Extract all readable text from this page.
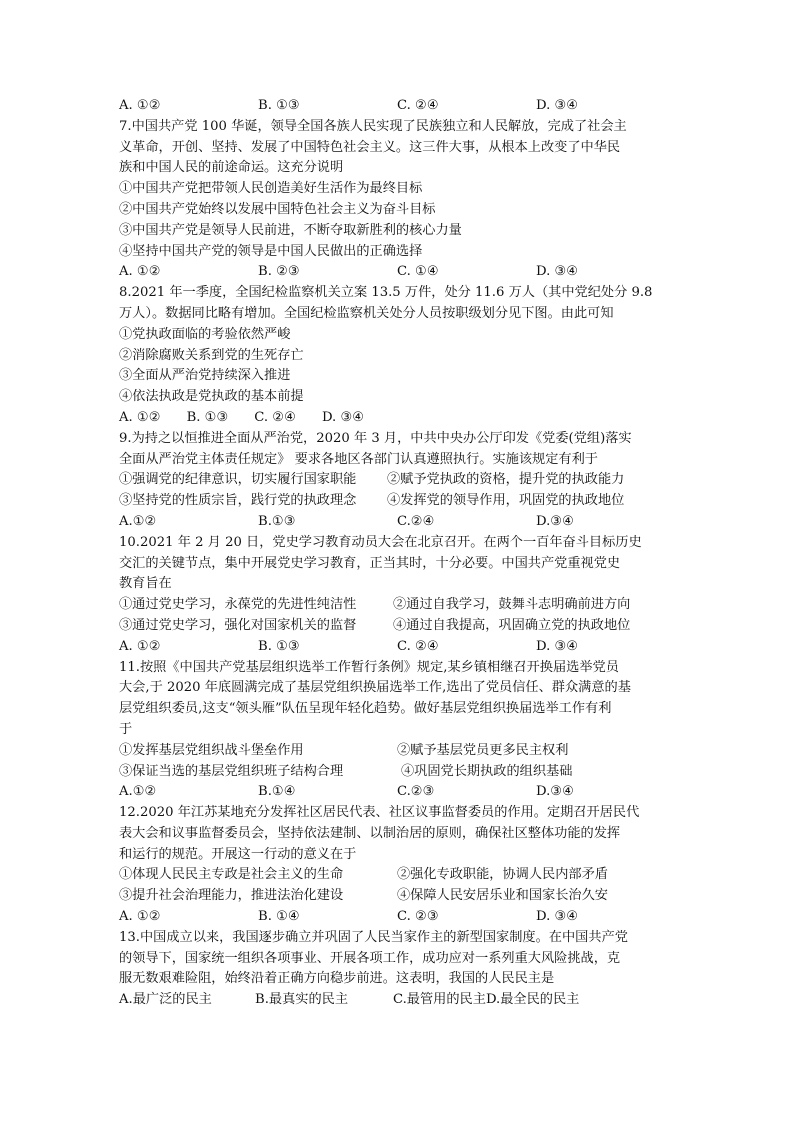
A. ①②	B. ①③	C. ②④	D. ③④
7.中国共产党 100 华诞，领导全国各族人民实现了民族独立和人民解放，完成了社会主
义革命，开创、坚持、发展了中国特色社会主义。这三件大事，从根本上改变了中华民
族和中国人民的前途命运。这充分说明
①中国共产党把带领人民创造美好生活作为最终目标
②中国共产党始终以发展中国特色社会主义为奋斗目标
③中国共产党是领导人民前进，不断夺取新胜利的核心力量
④坚持中国共产党的领导是中国人民做出的正确选择
A. ①②	B. ②③	C. ①④	D. ③④
8.2021 年一季度，全国纪检监察机关立案 13.5 万件，处分 11.6 万人（其中党纪处分 9.8
万人）。数据同比略有增加。全国纪检监察机关处分人员按职级划分见下图。由此可知
①党执政面临的考验依然严峻
②消除腐败关系到党的生死存亡
③全面从严治党持续深入推进
④依法执政是党执政的基本前提
A. ①② B. ①③ C. ②④ D. ③④
9.为持之以恒推进全面从严治党，2020 年 3 月，中共中央办公厅印发《党委(党组)落实
全面从严治党主体责任规定》 要求各地区各部门认真遵照执行。实施该规定有利于
①强调党的纪律意识，切实履行国家职能	②赋予党执政的资格，提升党的执政能力
③坚持党的性质宗旨，践行党的执政理念	④发挥党的领导作用，巩固党的执政地位
A.①②	B.①③	C.②④	D.③④
10.2021 年 2 月 20 日，党史学习教育动员大会在北京召开。在两个一百年奋斗目标历史
交汇的关键节点，集中开展党史学习教育，正当其时，十分必要。中国共产党重视党史
教育旨在
①通过党史学习，永葆党的先进性纯洁性	②通过自我学习，鼓舞斗志明确前进方向
③通过党史学习，强化对国家机关的监督	④通过自我提高，巩固确立党的执政地位
A. ①②	B. ①③	C. ②④	D. ③④
11.按照《中国共产党基层组织选举工作暂行条例》规定,某乡镇相继召开换届选举党员
大会,于 2020 年底圆满完成了基层党组织换届选举工作,选出了党员信任、群众满意的基
层党组织委员,这支“领头雁”队伍呈现年轻化趋势。做好基层党组织换届选举工作有利
于
①发挥基层党组织战斗堡垒作用	②赋予基层党员更多民主权利
③保证当选的基层党组织班子结构合理	④巩固党长期执政的组织基础
A.①②	B.①④	C.②③	D.③④
12.2020 年江苏某地充分发挥社区居民代表、社区议事监督委员的作用。定期召开居民代
表大会和议事监督委员会，坚持依法建制、以制治居的原则，确保社区整体功能的发挥
和运行的规范。开展这一行动的意义在于
①体现人民民主专政是社会主义的生命	②强化专政职能，协调人民内部矛盾
③提升社会治理能力，推进法治化建设	④保障人民安居乐业和国家长治久安
A. ①②	B. ①④	C. ②③	D. ③④
13.中国成立以来，我国逐步确立并巩固了人民当家作主的新型国家制度。在中国共产党
的领导下，国家统一组织各项事业、开展各项工作，成功应对一系列重大风险挑战，克
服无数艰难险阻，始终沿着正确方向稳步前进。这表明，我国的人民民主是
A.最广泛的民主	B.最真实的民主	C.最管用的民主 D.最全民的民主
